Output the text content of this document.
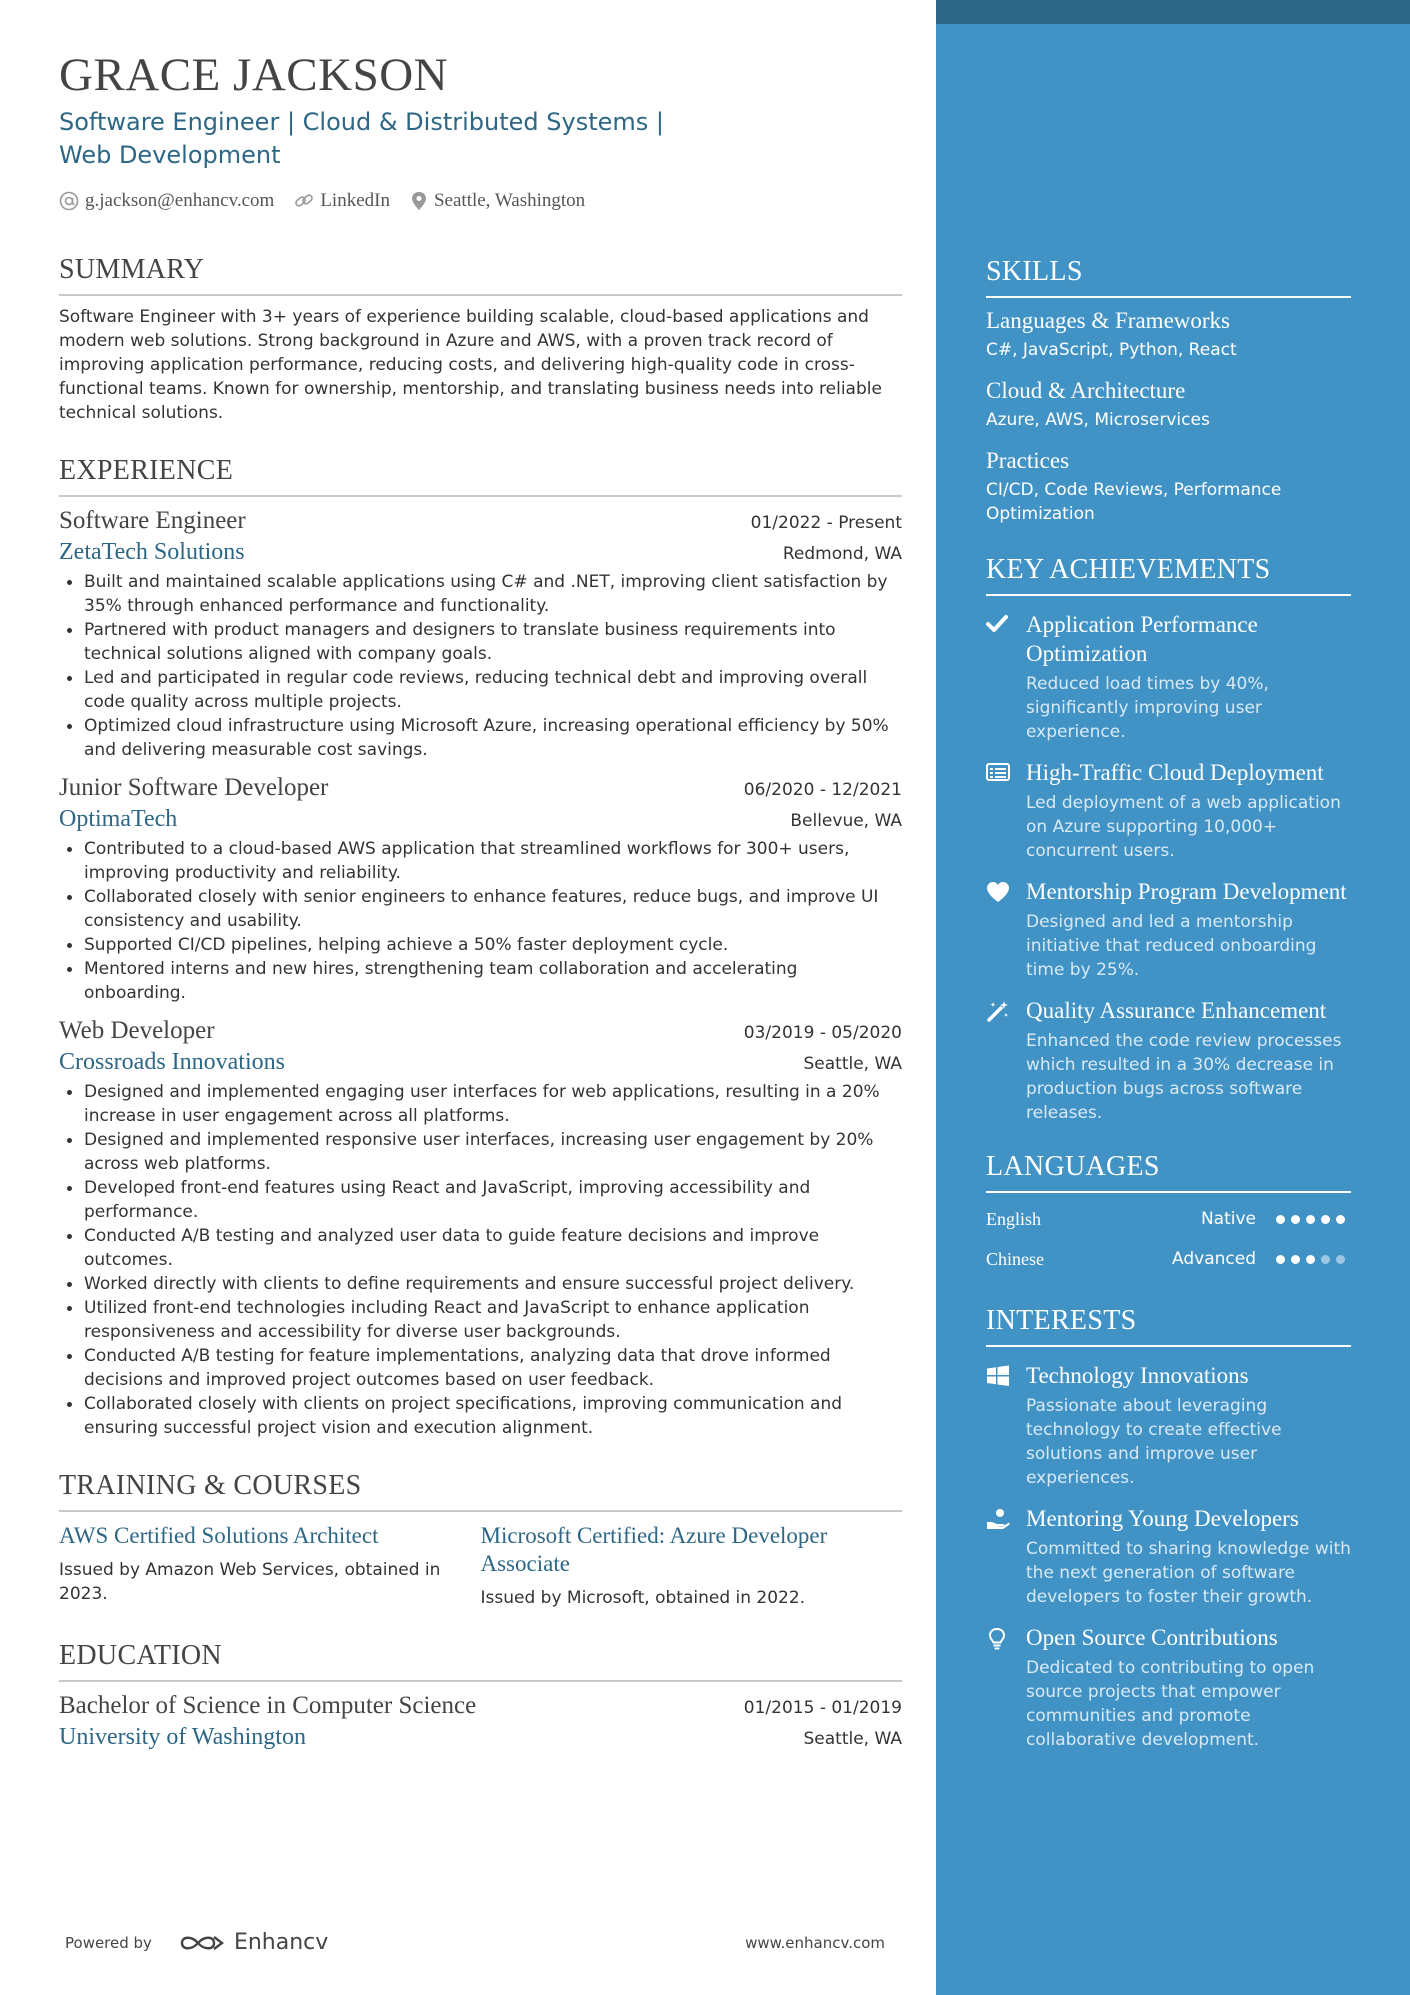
GRACE JACKSON
Software Engineer | Cloud & Distributed Systems | Web Development
g.jackson@enhancv.com LinkedIn Seattle, Washington
SUMMARY
Software Engineer with 3+ years of experience building scalable, cloud-based applications and modern web solutions. Strong background in Azure and AWS, with a proven track record of improving application performance, reducing costs, and delivering high-quality code in cross-functional teams. Known for ownership, mentorship, and translating business needs into reliable technical solutions.
EXPERIENCE
Software Engineer	01/2022 - Present
ZetaTech Solutions	Redmond, WA
Built and maintained scalable applications using C# and .NET, improving client satisfaction by 35% through enhanced performance and functionality.
Partnered with product managers and designers to translate business requirements into technical solutions aligned with company goals.
Led and participated in regular code reviews, reducing technical debt and improving overall code quality across multiple projects.
Optimized cloud infrastructure using Microsoft Azure, increasing operational efficiency by 50% and delivering measurable cost savings.
Junior Software Developer	06/2020 - 12/2021
OptimaTech	Bellevue, WA
Contributed to a cloud-based AWS application that streamlined workflows for 300+ users, improving productivity and reliability.
Collaborated closely with senior engineers to enhance features, reduce bugs, and improve UI consistency and usability.
Supported CI/CD pipelines, helping achieve a 50% faster deployment cycle.
Mentored interns and new hires, strengthening team collaboration and accelerating onboarding.
Web Developer	03/2019 - 05/2020
Crossroads Innovations	Seattle, WA
Designed and implemented engaging user interfaces for web applications, resulting in a 20% increase in user engagement across all platforms.
Designed and implemented responsive user interfaces, increasing user engagement by 20% across web platforms.
Developed front-end features using React and JavaScript, improving accessibility and performance.
Conducted A/B testing and analyzed user data to guide feature decisions and improve outcomes.
Worked directly with clients to define requirements and ensure successful project delivery.
Utilized front-end technologies including React and JavaScript to enhance application responsiveness and accessibility for diverse user backgrounds.
Conducted A/B testing for feature implementations, analyzing data that drove informed decisions and improved project outcomes based on user feedback.
Collaborated closely with clients on project specifications, improving communication and ensuring successful project vision and execution alignment.
TRAINING & COURSES
AWS Certified Solutions Architect
Issued by Amazon Web Services, obtained in 2023.
Microsoft Certified: Azure Developer Associate
Issued by Microsoft, obtained in 2022.
EDUCATION
Bachelor of Science in Computer Science	01/2015 - 01/2019
University of Washington	Seattle, WA
Powered by	Enhancv	www.enhancv.com
SKILLS
Languages & Frameworks
C#, JavaScript, Python, React
Cloud & Architecture
Azure, AWS, Microservices
Practices
CI/CD, Code Reviews, Performance Optimization
KEY ACHIEVEMENTS
Application Performance Optimization
Reduced load times by 40%, significantly improving user experience.
High-Traffic Cloud Deployment
Led deployment of a web application on Azure supporting 10,000+ concurrent users.
Mentorship Program Development
Designed and led a mentorship initiative that reduced onboarding time by 25%.
Quality Assurance Enhancement
Enhanced the code review processes which resulted in a 30% decrease in production bugs across software releases.
LANGUAGES
English	Native
Chinese	Advanced
INTERESTS
Technology Innovations
Passionate about leveraging technology to create effective solutions and improve user experiences.
Mentoring Young Developers
Committed to sharing knowledge with the next generation of software developers to foster their growth.
Open Source Contributions
Dedicated to contributing to open source projects that empower communities and promote collaborative development.
